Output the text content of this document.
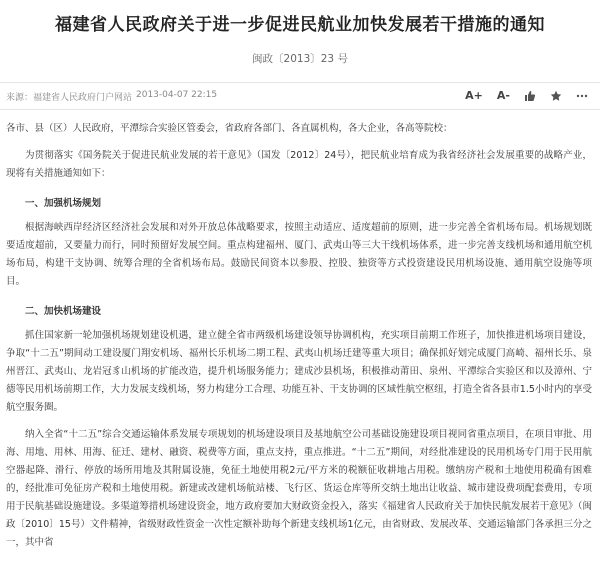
福建省人民政府关于进一步促进民航业加快发展若干措施的通知
闽政〔2013〕23 号
来源：福建省人民政府门户网站 2013-04-07 22:15	A+ A-

各市、县（区）人民政府，平潭综合实验区管委会，省政府各部门、各直属机构，各大企业，各高等院校：

为贯彻落实《国务院关于促进民航业发展的若干意见》（国发〔2012〕24号），把民航业培育成为我省经济社会发展重要的战略产业，现将有关措施通知如下：

一、加强机场规划

根据海峡西岸经济区经济社会发展和对外开放总体战略要求，按照主动适应、适度超前的原则，进一步完善全省机场布局。机场规划既要适度超前，又要量力而行，同时预留好发展空间。重点构建福州、厦门、武夷山等三大干线机场体系，进一步完善支线机场和通用航空机场布局，构建干支协调、统筹合理的全省机场布局。鼓励民间资本以参股、控股、独资等方式投资建设民用机场设施、通用航空设施等项目。

二、加快机场建设

抓住国家新一轮加强机场规划建设机遇，建立健全省市两级机场建设领导协调机构，充实项目前期工作班子，加快推进机场项目建设，争取“十二五”期间动工建设厦门翔安机场、福州长乐机场二期工程、武夷山机场迁建等重大项目；确保抓好划完成厦门高崎、福州长乐、泉州晋江、武夷山、龙岩冠豸山机场的扩能改造，提升机场服务能力；建成沙县机场，积极推动莆田、泉州、平潭综合实验区和以及漳州、宁德等民用机场前期工作，大力发展支线机场，努力构建分工合理、功能互补、干支协调的区域性航空枢纽，打造全省各县市1.5小时内的享受航空服务圈。

纳入全省“十二五”综合交通运输体系发展专项规划的机场建设项目及基地航空公司基础设施建设项目视同省重点项目，在项目审批、用海、用地、用林、用海、征迁、建材、融资、税费等方面，重点支持，重点推进。“十二五”期间，对经批准建设的民用机场专门用于民用航空器起降、滑行、停放的场所用地及其附属设施，免征土地使用税2元/平方米的税额征收耕地占用税。缴纳房产税和土地使用税确有困难的，经批准可免征房产税和土地使用税。新建或改建机场航站楼、飞行区、货运仓库等所交纳土地出让收益、城市建设费项配套费用，专项用于民航基础设施建设。多渠道筹措机场建设资金，地方政府要加大财政资金投入，落实《福建省人民政府关于加快民航发展若干意见》（闽政〔2010〕15号）文件精神，省级财政性资金一次性定额补助每个新建支线机场1亿元，由省财政、发展改革、交通运输部门各承担三分之一，其中省
